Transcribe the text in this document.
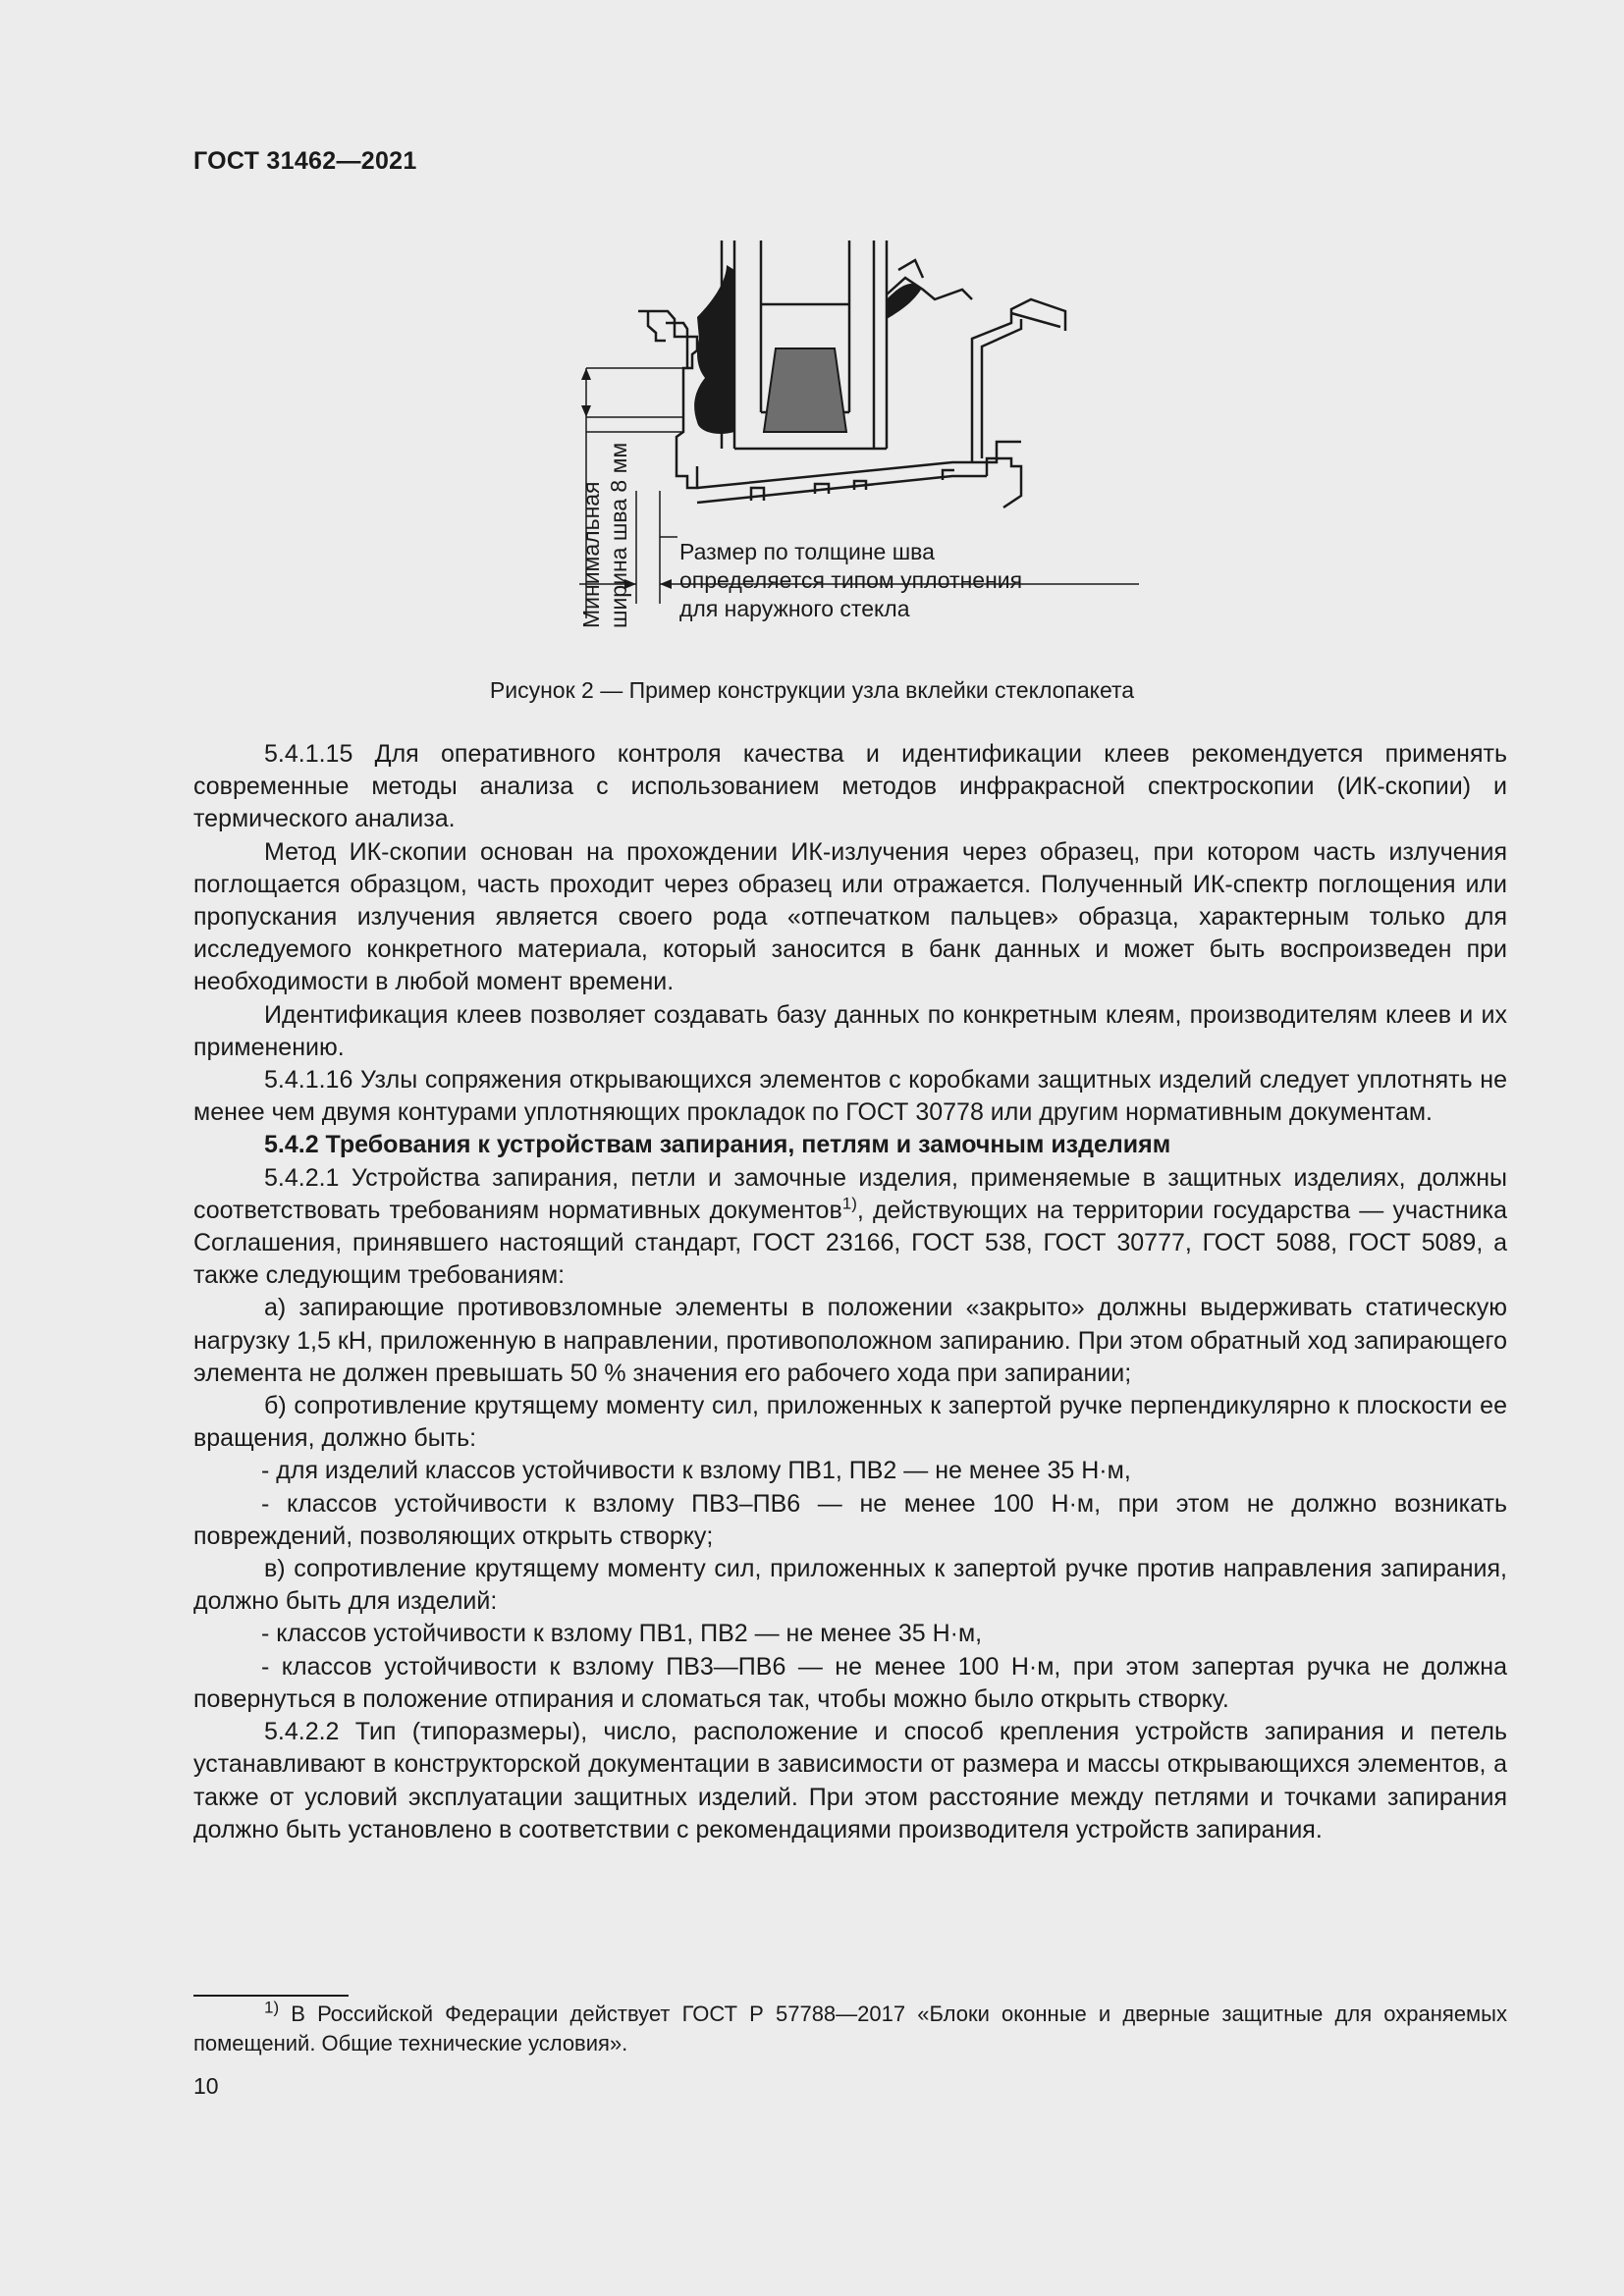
ГОСТ 31462—2021
Минимальная ширина шва 8 мм Размер по толщине шва
определяется типом уплотнения
для наружного стекла
Рисунок 2 — Пример конструкции узла вклейки стеклопакета

5.4.1.15 Для оперативного контроля качества и идентификации клеев рекомендуется применять современные методы анализа с использованием методов инфракрасной спектроскопии (ИК-скопии) и термического анализа.

Метод ИК-скопии основан на прохождении ИК-излучения через образец, при котором часть излучения поглощается образцом, часть проходит через образец или отражается. Полученный ИК-спектр поглощения или пропускания излучения является своего рода «отпечатком пальцев» образца, характерным только для исследуемого конкретного материала, который заносится в банк данных и может быть воспроизведен при необходимости в любой момент времени.

Идентификация клеев позволяет создавать базу данных по конкретным клеям, производителям клеев и их применению.

5.4.1.16 Узлы сопряжения открывающихся элементов с коробками защитных изделий следует уплотнять не менее чем двумя контурами уплотняющих прокладок по ГОСТ 30778 или другим нормативным документам.

5.4.2 Требования к устройствам запирания, петлям и замочным изделиям

5.4.2.1 Устройства запирания, петли и замочные изделия, применяемые в защитных изделиях, должны соответствовать требованиям нормативных документов$^{1)}$, действующих на территории государства — участника Соглашения, принявшего настоящий стандарт, ГОСТ 23166, ГОСТ 538, ГОСТ 30777, ГОСТ 5088, ГОСТ 5089, а также следующим требованиям:

а) запирающие противовзломные элементы в положении «закрыто» должны выдерживать статическую нагрузку 1,5 кН, приложенную в направлении, противоположном запиранию. При этом обратный ход запирающего элемента не должен превышать 50 % значения его рабочего хода при запирании;

б) сопротивление крутящему моменту сил, приложенных к запертой ручке перпендикулярно к плоскости ее вращения, должно быть:

- для изделий классов устойчивости к взлому ПВ1, ПВ2 — не менее 35 Н·м,

- классов устойчивости к взлому ПВ3–ПВ6 — не менее 100 Н·м, при этом не должно возникать повреждений, позволяющих открыть створку;

в) сопротивление крутящему моменту сил, приложенных к запертой ручке против направления запирания, должно быть для изделий:

- классов устойчивости к взлому ПВ1, ПВ2 — не менее 35 Н·м,

- классов устойчивости к взлому ПВ3—ПВ6 — не менее 100 Н·м, при этом запертая ручка не должна повернуться в положение отпирания и сломаться так, чтобы можно было открыть створку.

5.4.2.2 Тип (типоразмеры), число, расположение и способ крепления устройств запирания и петель устанавливают в конструкторской документации в зависимости от размера и массы открывающихся элементов, а также от условий эксплуатации защитных изделий. При этом расстояние между петлями и точками запирания должно быть установлено в соответствии с рекомендациями производителя устройств запирания.

$^{1)}$ В Российской Федерации действует ГОСТ Р 57788—2017 «Блоки оконные и дверные защитные для охраняемых помещений. Общие технические условия».
10
